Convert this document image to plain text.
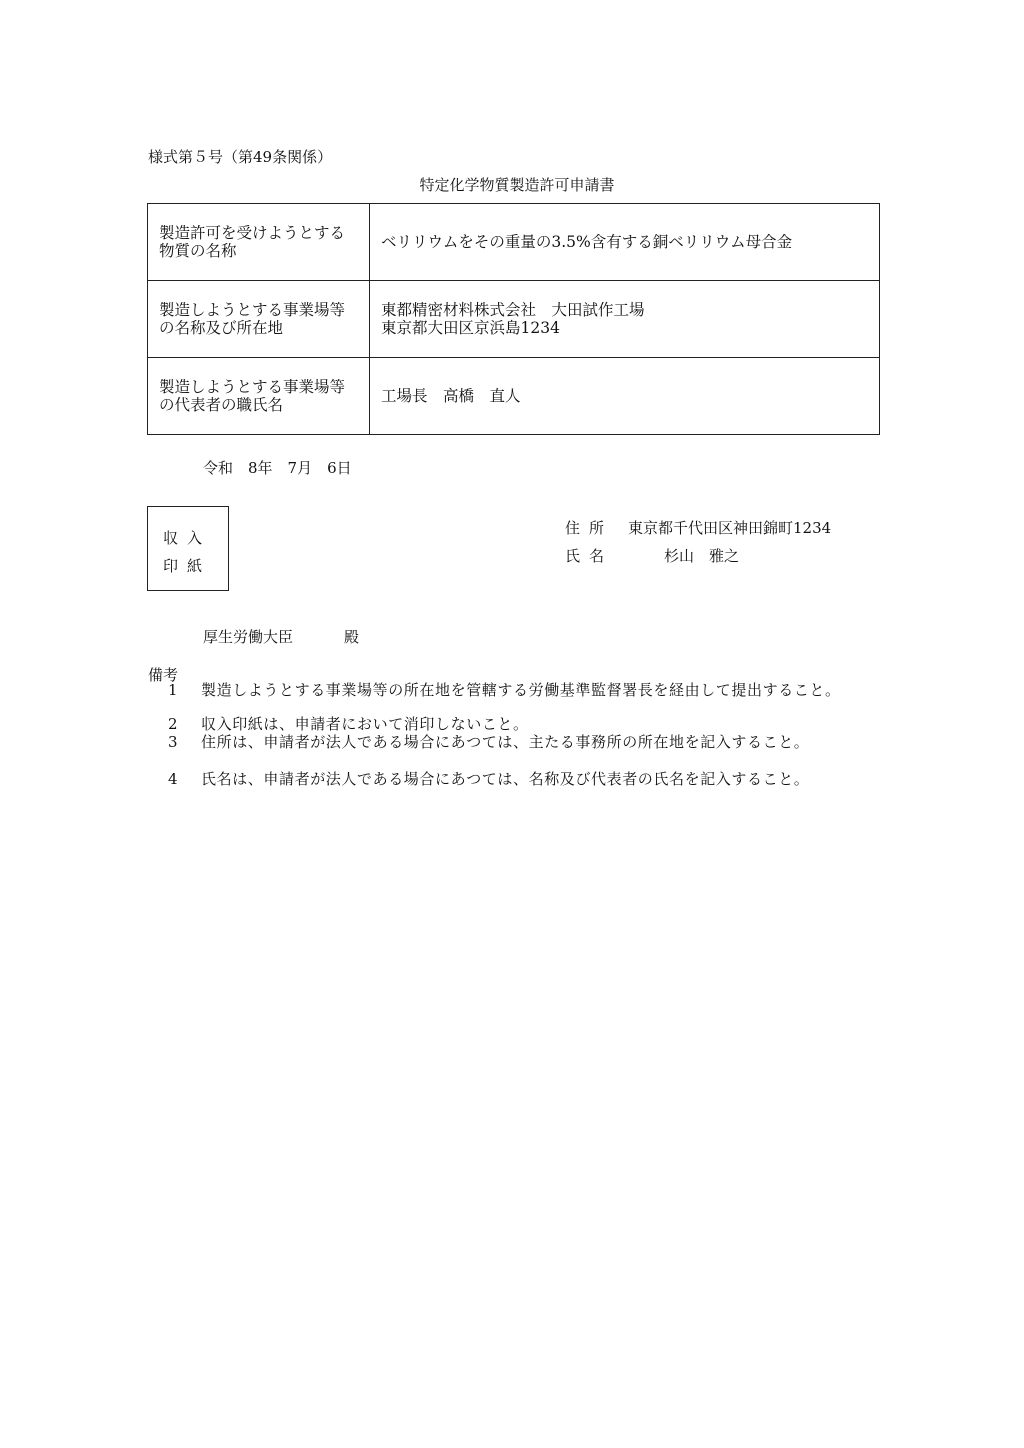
様式第５号（第49条関係）
特定化学物質製造許可申請書
製造許可を受けようとする物質の名称	ベリリウムをその重量の3.5%含有する銅ベリリウム母合金
製造しようとする事業場等の名称及び所在地	東都精密材料株式会社　大田試作工場
東京都大田区京浜島1234

製造しようとする事業場等の代表者の職氏名	工場長　高橋　直人
令和　8年　7月　6日
収入
印紙
住所 東京都千代田区神田錦町1234
氏名	杉山　雅之
厚生労働大臣	殿
備考
1	製造しようとする事業場等の所在地を管轄する労働基準監督署長を経由して提出すること。
2	収入印紙は、申請者において消印しないこと。
3	住所は、申請者が法人である場合にあつては、主たる事務所の所在地を記入すること。
4	氏名は、申請者が法人である場合にあつては、名称及び代表者の氏名を記入すること。
